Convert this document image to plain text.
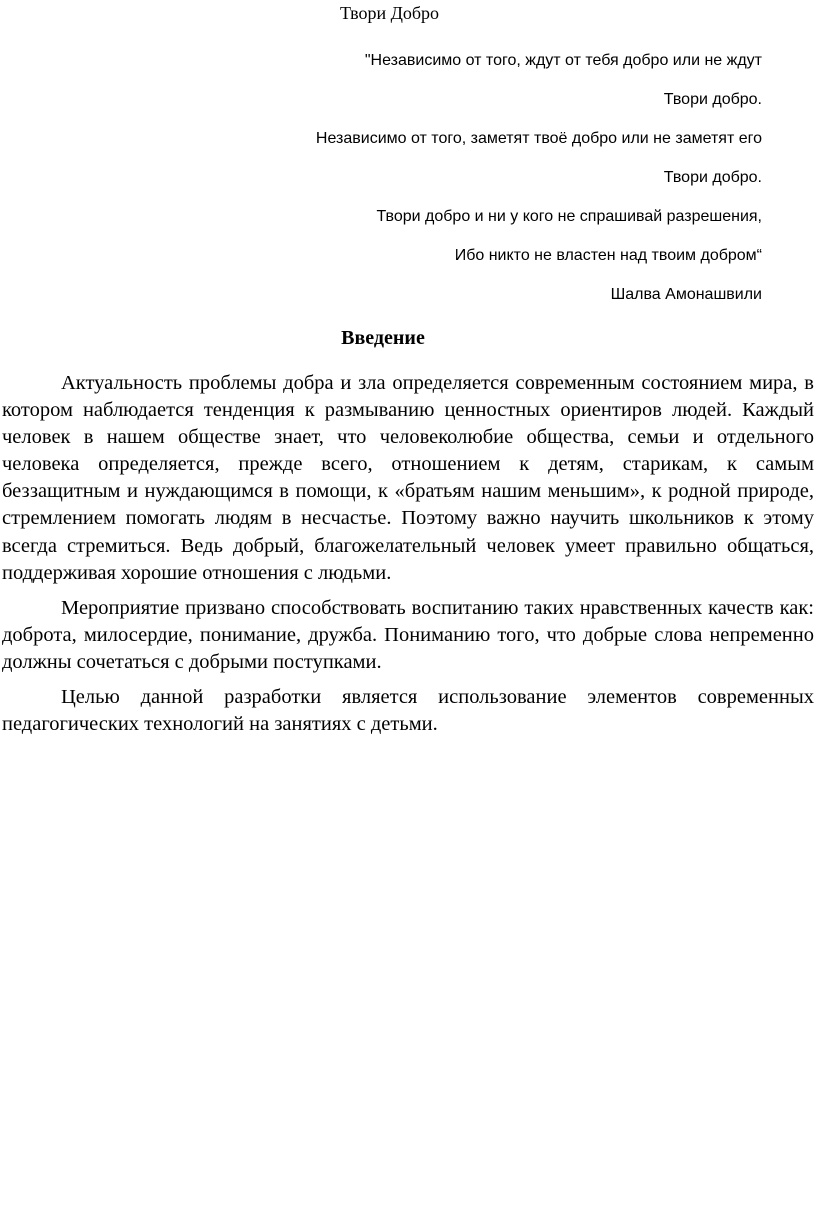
Твори Добро
"Независимо от того, ждут от тебя добро или не ждут
Твори добро.
Независимо от того, заметят твоё добро или не заметят его
Твори добро.
Твори добро и ни у кого не спрашивай разрешения,
Ибо никто не властен над твоим добром“
Шалва Амонашвили
Введение

Актуальность проблемы добра и зла определяется современным состоянием мира, в котором наблюдается тенденция к размыванию ценностных ориентиров людей. Каждый человек в нашем обществе знает, что человеколюбие общества, семьи и отдельного человека определяется, прежде всего, отношением к детям, старикам, к самым беззащитным и нуждающимся в помощи, к «братьям нашим меньшим», к родной природе, стремлением помогать людям в несчастье. Поэтому важно научить школьников к этому всегда стремиться. Ведь добрый, благожелательный человек умеет правильно общаться, поддерживая хорошие отношения с людьми.

Мероприятие призвано способствовать воспитанию таких нравственных качеств как: доброта, милосердие, понимание, дружба. Пониманию того, что добрые слова непременно должны сочетаться с добрыми поступками.

Целью данной разработки является использование элементов современных педагогических технологий на занятиях с детьми.
